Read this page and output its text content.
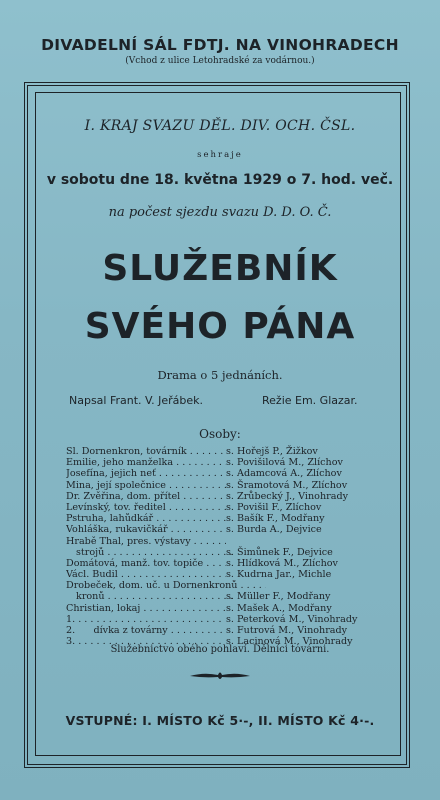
DIVADELNÍ SÁL FDTJ. NA VINOHRADECH
(Vchod z ulice Letohradské za vodárnou.)
I. KRAJ SVAZU DĚL. DIV. OCH. ČSL.
sehraje
v sobotu dne 18. května 1929 o 7. hod. več.
na počest sjezdu svazu D. D. O. Č.
SLUŽEBNÍK
SVÉHO PÁNA
Drama o 5 jednáních.
Napsal Frant. V. Jeřábek.	Režie Em. Glazar.
Osoby:
Sl. Dornenkron, továrník . . .	s. Hořejš P., Žižkov
Emilie, jeho manželka . . .	s. Povišilová M., Zlíchov
Josefína, jejich neť . . .	s. Adamcová A., Zlíchov
Mina, její společnice . . .	s. Šramotová M., Zlíchov
Dr. Zvěřina, dom. přítel . . .	s. Zrůbecký J., Vinohrady
Levínský, tov. ředitel . . .	s. Povišil F., Zlíchov
Pstruha, lahůdkář . . .	s. Bašík F., Modřany
Vohláška, rukavičkář . . .	s. Burda A., Dejvice
Hrabě Thal, pres. výstavy . . .
strojů . . .	s. Šimůnek F., Dejvice
Domátová, manž. tov. topiče . . .	s. Hlídková M., Zlíchov
Václ. Budil . . .	s. Kudrna Jar., Michle
Drobeček, dom. uč. u Dornenkronů . . .
kronů . . .	s. Müller F., Modřany
Christian, lokaj . . .	s. Mašek A., Modřany
1. . . .	s. Peterková M., Vinohrady
2.      dívka z továrny . . .	s. Futrová M., Vinohrady
3. . . .	s. Lacinová M., Vinohrady
Služebnictvo obého pohlaví. Dělníci továrni.
VSTUPNÉ: I. MÍSTO Kč 5·-, II. MÍSTO Kč 4·-.
